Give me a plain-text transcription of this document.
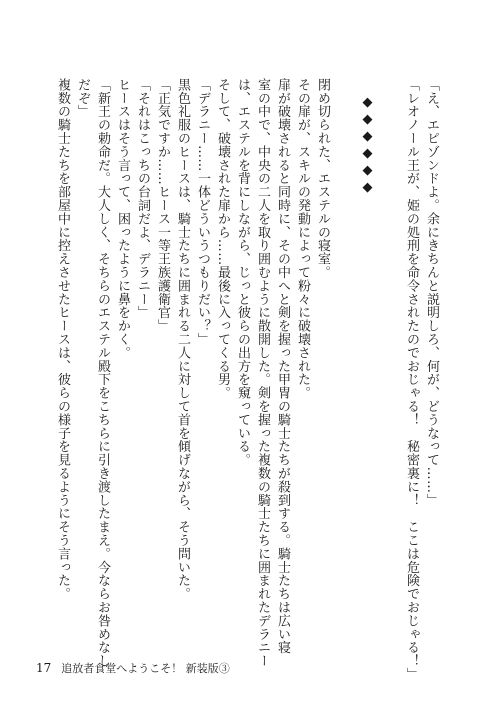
「え、エピゾンドよ。余にきちんと説明しろ、何が、どうなって……」
「レオノール王が、姫の処刑を命令されたのでおじゃる！　秘密裏に！　ここは危険でおじゃる！」
◆◆◆◆◆◆
閉め切られた、エステルの寝室。
その扉が、スキルの発動によって粉々に破壊された。
扉が破壊されると同時に、その中へと剣を握った甲冑の騎士たちが殺到する。騎士たちは広い寝
室の中で、中央の二人を取り囲むように散開した。剣を握った複数の騎士たちに囲まれたデラニー
は、エステルを背にしながら、じっと彼らの出方を窺っている。
そして、破壊された扉から……最後に入ってくる男。
「デラニー……一体どういうつもりだい？」
黒色礼服のヒースは、騎士たちに囲まれる二人に対して首を傾げながら、そう問いた。
「正気ですか……ヒース一等王族護衛官」
「それはこっちの台詞だよ、デラニー」
ヒースはそう言って、困ったように鼻をかく。
「新王の勅命だ。大人しく、そちらのエステル殿下をこちらに引き渡したまえ。今ならお咎めなし
だぞ」
複数の騎士たちを部屋中に控えさせたヒースは、彼らの様子を見るようにそう言った。
17 追放者食堂へようこそ！ 新装版③
